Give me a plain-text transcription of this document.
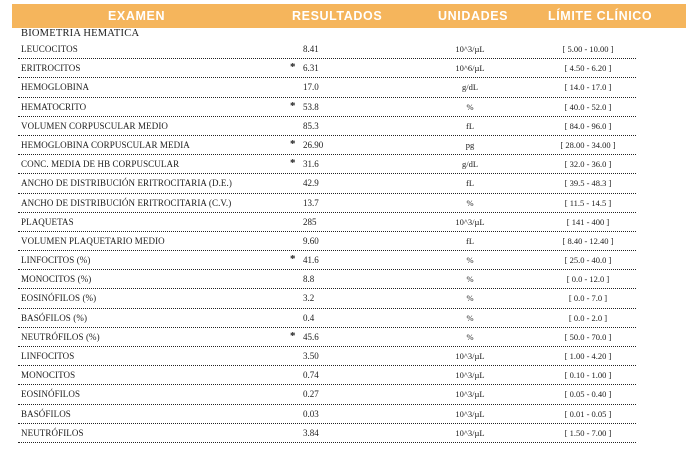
EXAMEN	RESULTADOS	UNIDADES	LÍMITE CLÍNICO
BIOMETRIA HEMATICA
LEUCOCITOS	8.41	10^3/µL	[ 5.00 - 10.00 ]
ERITROCITOS	* 6.31	10^6/µL	[ 4.50 - 6.20 ]
HEMOGLOBINA	17.0	g/dL	[ 14.0 - 17.0 ]
HEMATOCRITO	* 53.8	%	[ 40.0 - 52.0 ]
VOLUMEN CORPUSCULAR MEDIO	85.3	fL	[ 84.0 - 96.0 ]
HEMOGLOBINA CORPUSCULAR MEDIA	* 26.90	pg	[ 28.00 - 34.00 ]
CONC. MEDIA DE HB CORPUSCULAR	* 31.6	g/dL	[ 32.0 - 36.0 ]
ANCHO DE DISTRIBUCIÓN ERITROCITARIA (D.E.)	42.9	fL	[ 39.5 - 48.3 ]
ANCHO DE DISTRIBUCIÓN ERITROCITARIA (C.V.)	13.7	%	[ 11.5 - 14.5 ]
PLAQUETAS	285	10^3/µL	[ 141 - 400 ]
VOLUMEN PLAQUETARIO MEDIO	9.60	fL	[ 8.40 - 12.40 ]
LINFOCITOS (%)	* 41.6	%	[ 25.0 - 40.0 ]
MONOCITOS (%)	8.8	%	[ 0.0 - 12.0 ]
EOSINÓFILOS (%)	3.2	%	[ 0.0 - 7.0 ]
BASÓFILOS (%)	0.4	%	[ 0.0 - 2.0 ]
NEUTRÓFILOS (%)	* 45.6	%	[ 50.0 - 70.0 ]
LINFOCITOS	3.50	10^3/µL	[ 1.00 - 4.20 ]
MONOCITOS	0.74	10^3/µL	[ 0.10 - 1.00 ]
EOSINÓFILOS	0.27	10^3/µL	[ 0.05 - 0.40 ]
BASÓFILOS	0.03	10^3/µL	[ 0.01 - 0.05 ]
NEUTRÓFILOS	3.84	10^3/µL	[ 1.50 - 7.00 ]
